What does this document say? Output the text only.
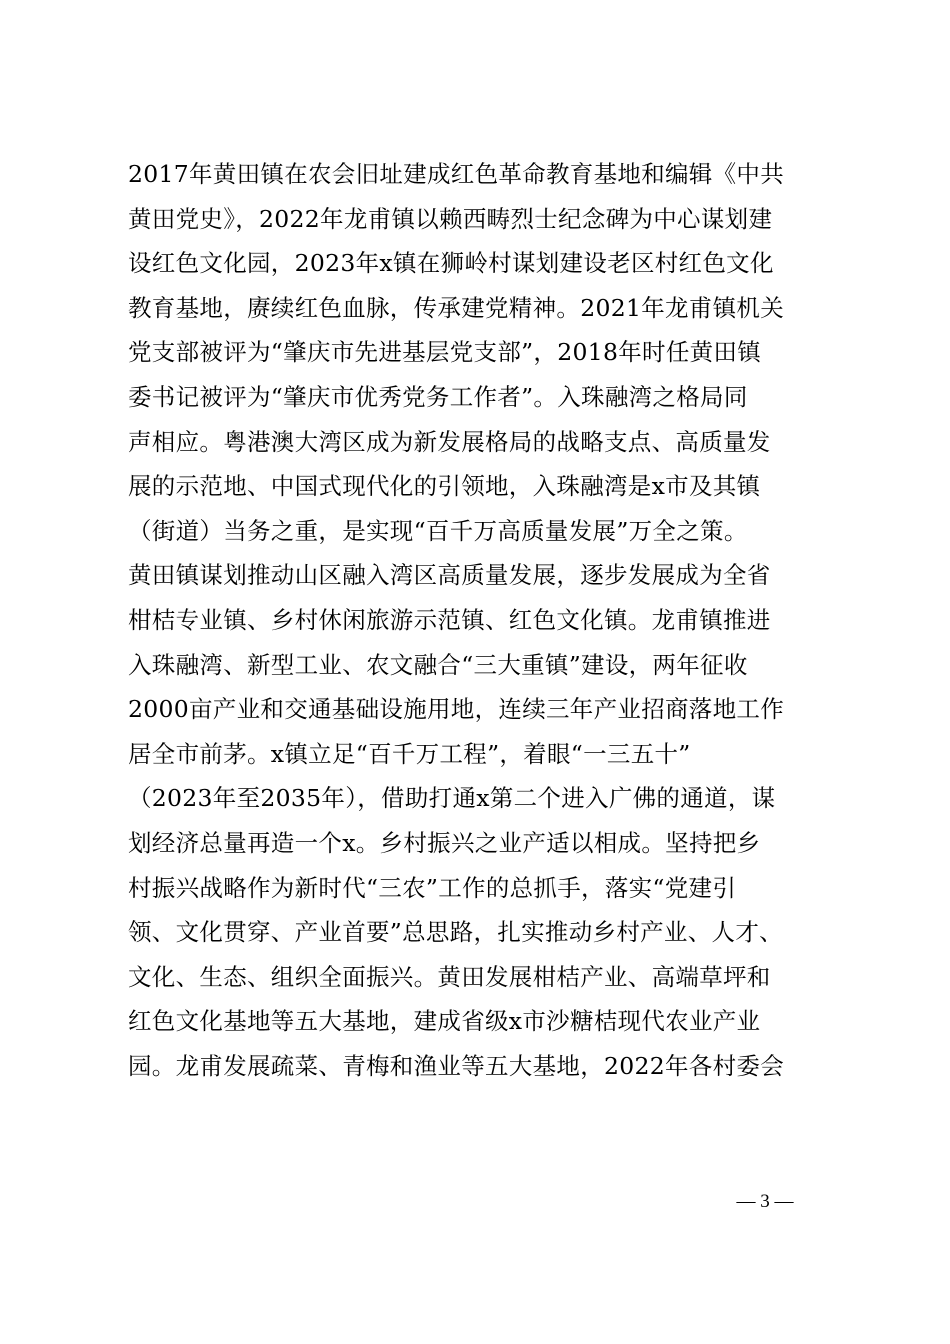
2017年黄田镇在农会旧址建成红色革命教育基地和编辑《中共
黄田党史》，2022年龙甫镇以赖西畴烈士纪念碑为中心谋划建
设红色文化园，2023年x镇在狮岭村谋划建设老区村红色文化
教育基地，赓续红色血脉，传承建党精神。2021年龙甫镇机关
党支部被评为“肇庆市先进基层党支部”，2018年时任黄田镇
委书记被评为“肇庆市优秀党务工作者”。入珠融湾之格局同
声相应。粤港澳大湾区成为新发展格局的战略支点、高质量发
展的示范地、中国式现代化的引领地，入珠融湾是x市及其镇
（街道）当务之重，是实现“百千万高质量发展”万全之策。
黄田镇谋划推动山区融入湾区高质量发展，逐步发展成为全省
柑桔专业镇、乡村休闲旅游示范镇、红色文化镇。龙甫镇推进
入珠融湾、新型工业、农文融合“三大重镇”建设，两年征收
2000亩产业和交通基础设施用地，连续三年产业招商落地工作
居全市前茅。x镇立足“百千万工程”，着眼“一三五十”
（2023年至2035年），借助打通x第二个进入广佛的通道，谋
划经济总量再造一个x。乡村振兴之业产适以相成。坚持把乡
村振兴战略作为新时代“三农”工作的总抓手，落实“党建引
领、文化贯穿、产业首要”总思路，扎实推动乡村产业、人才、
文化、生态、组织全面振兴。黄田发展柑桔产业、高端草坪和
红色文化基地等五大基地，建成省级x市沙糖桔现代农业产业
园。龙甫发展疏菜、青梅和渔业等五大基地，2022年各村委会
— 3 —
